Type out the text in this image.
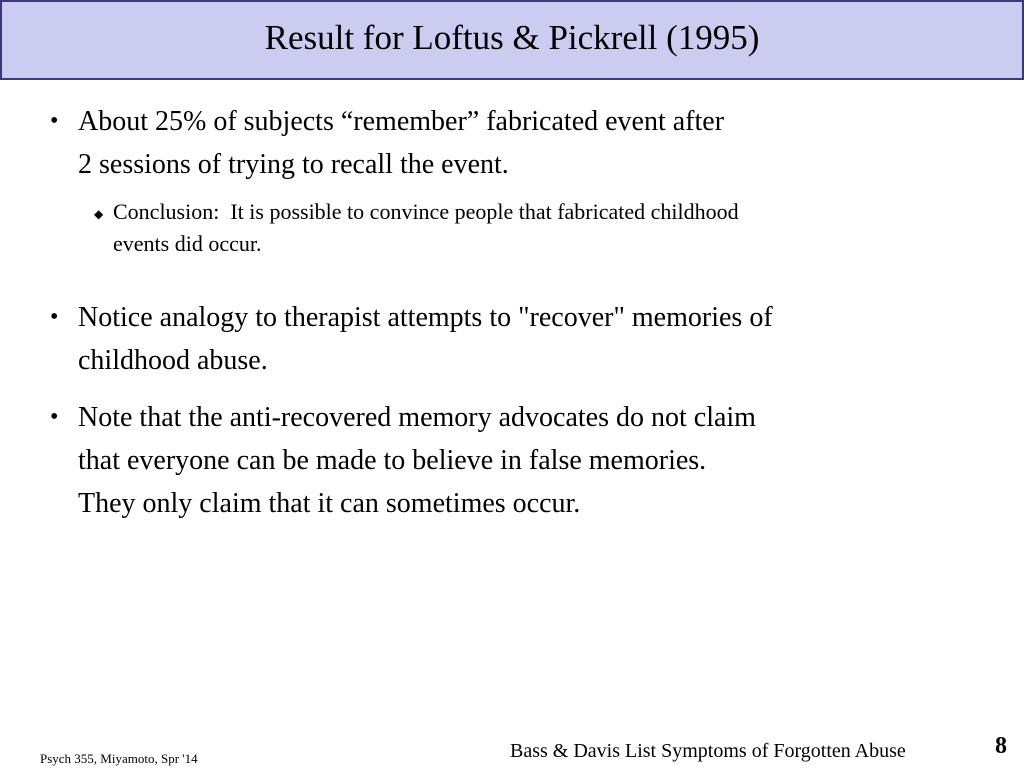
Result for Loftus & Pickrell (1995)
• About 25% of subjects “remember” fabricated event after
2 sessions of trying to recall the event.
◆ Conclusion:  It is possible to convince people that fabricated childhood
events did occur.
• Notice analogy to therapist attempts to "recover" memories of
childhood abuse.
• Note that the anti-recovered memory advocates do not claim
that everyone can be made to believe in false memories.
They only claim that it can sometimes occur.
Psych 355, Miyamoto, Spr '14	Bass & Davis List Symptoms of Forgotten Abuse	8
